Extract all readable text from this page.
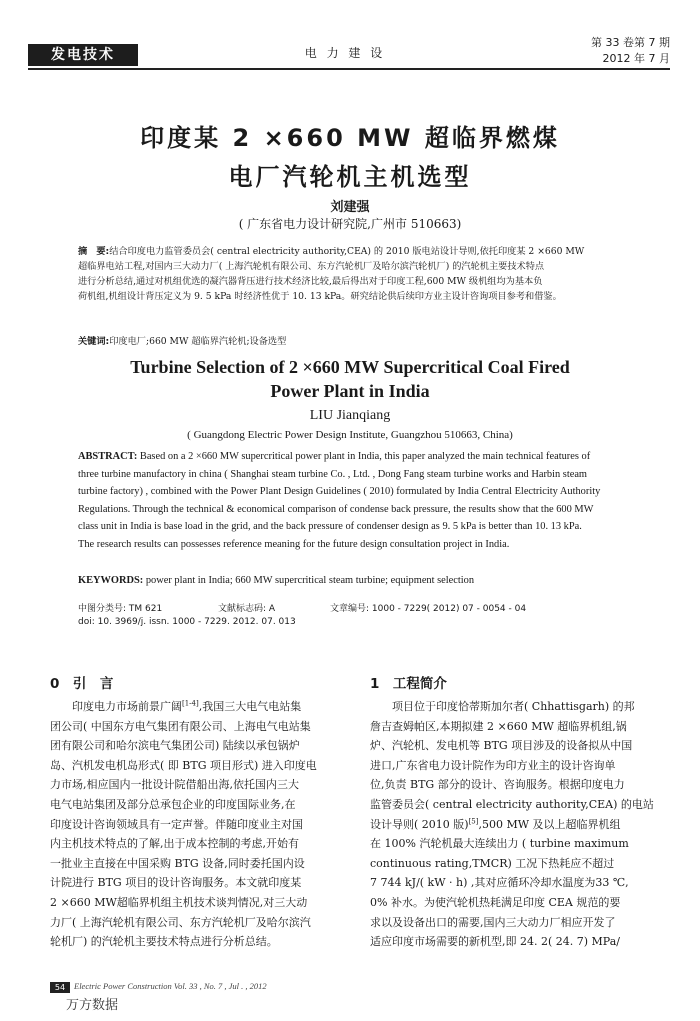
发电技术	电 力 建 设
第 33 卷第 7 期
2012 年 7 月
印度某 2 ×660 MW 超临界燃煤
电厂汽轮机主机选型
刘建强
( 广东省电力设计研究院,广州市 510663)
摘　要:结合印度电力监管委员会( central electricity authority,CEA) 的 2010 版电站设计导则,依托印度某 2 ×660 MW
超临界电站工程,对国内三大动力厂( 上海汽轮机有限公司、东方汽轮机厂及哈尔滨汽轮机厂) 的汽轮机主要技术特点
进行分析总结,通过对机组优选的凝汽器背压进行技术经济比较,最后得出对于印度工程,600 MW 级机组均为基本负
荷机组,机组设计背压定义为 9. 5 kPa 时经济性优于 10. 13 kPa。研究结论供后续印方业主设计咨询项目参考和借鉴。
关键词:印度电厂;660 MW 超临界汽轮机;设备选型
Turbine Selection of 2 ×660 MW Supercritical Coal Fired
Power Plant in India
LIU Jianqiang
( Guangdong Electric Power Design Institute, Guangzhou 510663, China)
ABSTRACT: Based on a 2 ×660 MW supercritical power plant in India, this paper analyzed the main technical features of
three turbine manufactory in china ( Shanghai steam turbine Co. , Ltd. , Dong Fang steam turbine works and Harbin steam
turbine factory) , combined with the Power Plant Design Guidelines ( 2010) formulated by India Central Electricity Authority
Regulations. Through the technical & economical comparison of condense back pressure, the results show that the 600 MW
class unit in India is base load in the grid, and the back pressure of condenser design as 9. 5 kPa is better than 10. 13 kPa.
The research results can possesses reference meaning for the future design consultation project in India.
KEYWORDS: power plant in India; 660 MW supercritical steam turbine; equipment selection
中图分类号: TM 621	文献标志码: A	文章编号: 1000 - 7229( 2012) 07 - 0054 - 04
doi: 10. 3969/j. issn. 1000 - 7229. 2012. 07. 013
0　引　言
　　印度电力市场前景广阔[1-4],我国三大电气电站集
团公司( 中国东方电气集团有限公司、上海电气电站集
团有限公司和哈尔滨电气集团公司) 陆续以承包锅炉
岛、汽机发电机岛形式( 即 BTG 项目形式) 进入印度电
力市场,相应国内一批设计院借船出海,依托国内三大
电气电站集团及部分总承包企业的印度国际业务,在
印度设计咨询领域具有一定声誉。伴随印度业主对国
内主机技术特点的了解,出于成本控制的考虑,开始有
一批业主直接在中国采购 BTG 设备,同时委托国内设
计院进行 BTG 项目的设计咨询服务。本文就印度某
2 ×660 MW超临界机组主机技术谈判情况,对三大动
力厂( 上海汽轮机有限公司、东方汽轮机厂及哈尔滨汽
轮机厂) 的汽轮机主要技术特点进行分析总结。
1　工程简介
　　项目位于印度恰蒂斯加尔者( Chhattisgarh) 的邦
詹吉查姆帕区,本期拟建 2 ×660 MW 超临界机组,锅
炉、汽轮机、发电机等 BTG 项目涉及的设备拟从中国
进口,广东省电力设计院作为印方业主的设计咨询单
位,负责 BTG 部分的设计、咨询服务。根据印度电力
监管委员会( central electricity authority,CEA) 的电站
设计导则( 2010 版)[5],500 MW 及以上超临界机组
在 100% 汽轮机最大连续出力 ( turbine maximum
continuous rating,TMCR) 工况下热耗应不超过
7 744 kJ/( kW · h) ,其对应循环冷却水温度为33 ℃,
0% 补水。为使汽轮机热耗满足印度 CEA 规范的要
求以及设备出口的需要,国内三大动力厂相应开发了
适应印度市场需要的新机型,即 24. 2( 24. 7) MPa/
54	Electric Power Construction Vol. 33 , No. 7 , Jul . , 2012
万方数据
